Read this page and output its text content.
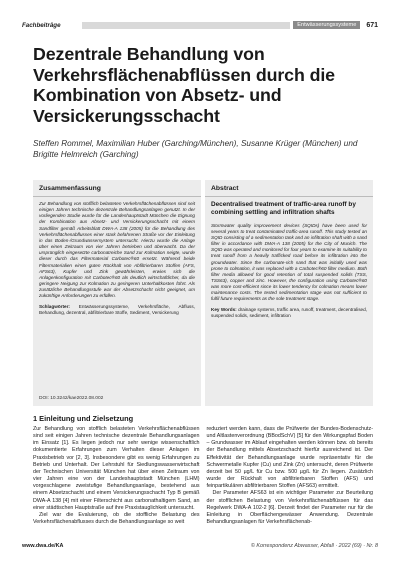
Fachbeiträge	Entwässerungssysteme	671
Dezentrale Behandlung von Verkehrsflächenabflüssen durch die Kombination von Absetz- und Versickerungsschacht
Steffen Rommel, Maximilian Huber (Garching/München), Susanne Krüger (München) und Brigitte Helmreich (Garching)
Zusammenfassung
Zur Behandlung von stofflich belasteten Verkehrsflächenabflüssen sind seit einigen Jahren technische dezentrale Behandlungsanlagen genutzt. In der vorliegenden Studie wurde für die Landeshauptstadt München die Eignung der Kombination aus Absetz- und Versickerungsschacht mit einem Sandfilter gemäß Arbeitsblatt DWA-A 138 (2005) für die Behandlung des Verkehrsflächenabflusses einer stark befahrenen Straße vor der Einleitung in das Boden-/Grundwassersystem untersucht. Hierzu wurde die Anlage über einen Zeitraum von vier Jahren betrieben und überwacht. Da der ursprünglich eingesetzte carbonatreiche Sand zur Kolmation neigte, wurde dieser durch das Filtermaterial Carbotec®60 ersetzt. Während beide Filtermaterialien einen guten Rückhalt von Abfiltrierbaren Stoffen (AFS, AFS63), Kupfer und Zink gewährleisten, erwies sich die Anlagenkonfiguration mit Carbotec®60 als deutlich wirtschaftlicher, da die geringere Neigung zur Kolmation zu geringeren Unterhaltkosten führt. Als zusätzliche Behandlungsstufe war der Absetzschacht nicht geeignet, um zukünftige Anforderungen zu erfüllen.
Schlagwörter: Entwässerungssysteme, Verkehrsfläche, Abfluss, Behandlung, dezentral, abfiltrierbare Stoffe, Sediment, Versickerung
DOI: 10.3242/kae2022.08.002
Abstract
Decentralised treatment of traffic-area runoff by combining settling and infiltration shafts
Stormwater quality improvement devices (SQIDs) have been used for several years to treat contaminated traffic-area runoff. This study tested an SQID consisting of a sedimentation tank and an infiltration shaft with a sand filter in accordance with DWA-A 138 (2005) for the City of Munich. The SQID was operated and monitored for four years to examine its suitability to treat runoff from a heavily trafficked road before its infiltration into the groundwater. Since the carbonate-rich sand that was initially used was prone to colmation, it was replaced with a Carbotec®60 filter medium. Both filter media allowed for good retention of total suspended solids (TSS, TSS63), copper and zinc. However, the configuration using Carbotec®60 was more cost-efficient since its lower tendency for colmation means lower maintenance costs. The tested sedimentation stage was not sufficient to fulfil future requirements as the sole treatment stage.
Key Words: drainage systems, traffic area, runoff, treatment, decentralised, suspended solids, sediment, infiltration
1 Einleitung und Zielsetzung

Zur Behandlung von stofflich belasteten Verkehrsflächenabflüssen sind seit einigen Jahren technische dezentrale Behandlungsanlagen im Einsatz [1]. Es liegen jedoch nur sehr wenige wissenschaftlich dokumentierte Erfahrungen zum Verhalten dieser Anlagen im Praxisbetrieb vor [2, 3]. Insbesondere gibt es wenig Erfahrungen zu Betrieb und Unterhalt. Der Lehrstuhl für Siedlungswasserwirtschaft der Technischen Universität München hat über einen Zeitraum von vier Jahren eine von der Landeshauptstadt München (LHM) vorgeschlagene zweistufige Behandlungsanlage, bestehend aus einem Absetzschacht und einem Versickerungsschacht Typ B gemäß DWA-A 138 [4] mit einer Filterschicht aus carbonathaltigem Sand, an einer städtischen Hauptstraße auf ihre Praxistauglichkeit untersucht.

Ziel war die Evaluierung, ob die stoffliche Belastung des Verkehrsflächenabflusses durch die Behandlungsanlage so weit

reduziert werden kann, dass die Prüfwerte der Bundes-Bodenschutz- und Altlastenverordnung (BBodSchV) [5] für den Wirkungspfad Boden – Grundwasser im Ablauf eingehalten werden können bzw. ob bereits der Behandlung mittels Absetzschacht hierfür ausreichend ist. Der Effektivität der Behandlungsanlage wurde repräsentativ für die Schwermetalle Kupfer (Cu) und Zink (Zn) untersucht, deren Prüfwerte derzeit bei 50 µg/L für Cu bzw. 500 µg/L für Zn liegen. Zusätzlich wurde der Rückhalt von abfiltrierbaren Stoffen (AFS) und feinpartikulären abfiltrierbaren Stoffen (AFS63) ermittelt.

Der Parameter AFS63 ist ein wichtiger Parameter zur Beurteilung der stofflichen Belastung von Verkehrsflächenabflüssen für das Regelwerk DWA-A 102-2 [6]. Derzeit findet der Parameter nur für die Einleitung in Oberflächengewässer Anwendung. Dezentrale Behandlungsanlagen für Verkehrsflächenab-

www.dwa.de/KA	© Korrespondenz Abwasser, Abfall · 2022 (69) · Nr. 8
